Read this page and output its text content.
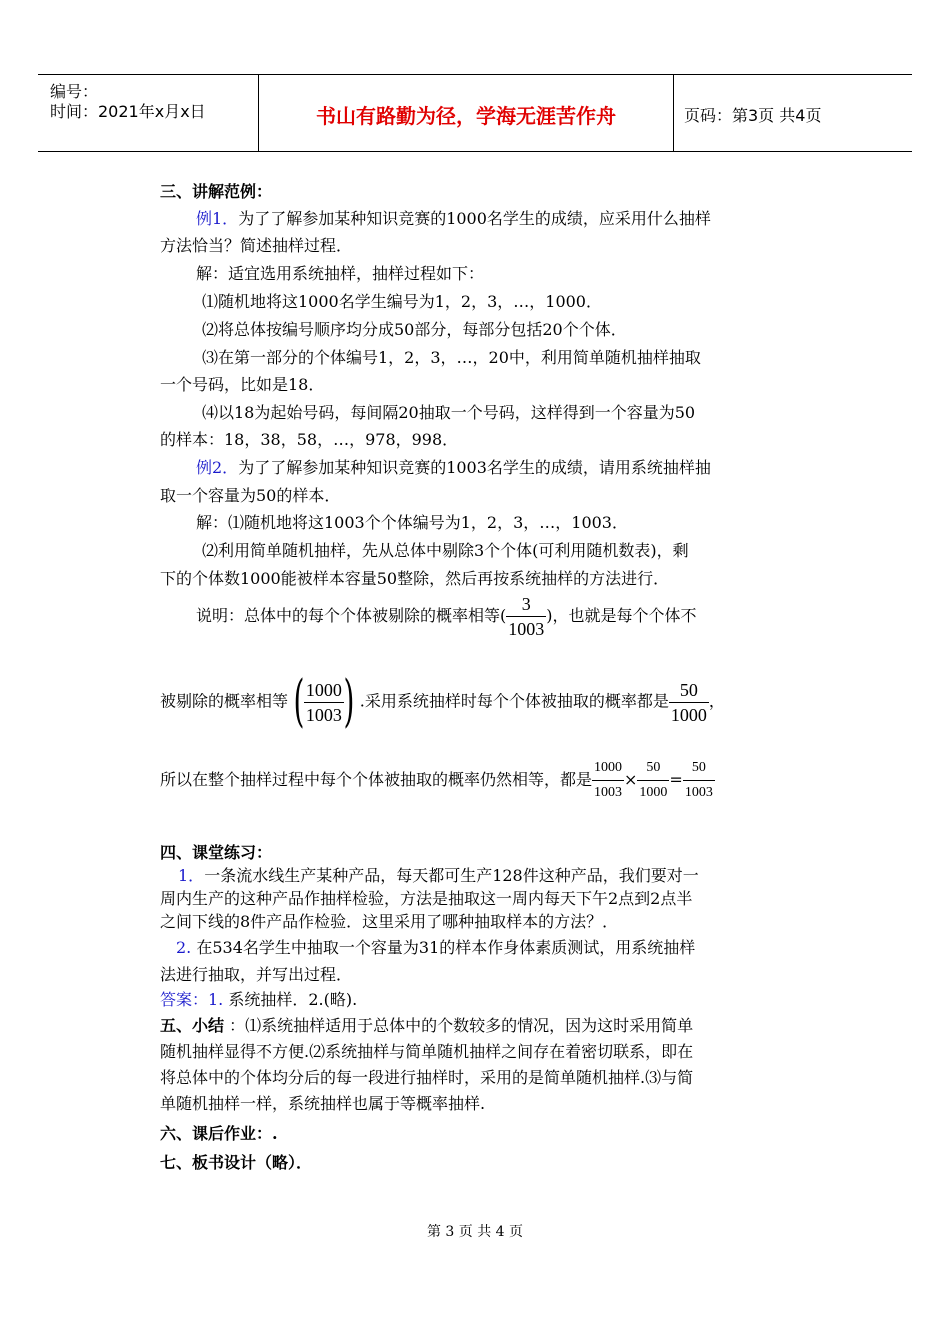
编号：
时间：2021年x月x日	书山有路勤为径，学海无涯苦作舟	页码：第3页 共4页
三、讲解范例：
例1．为了了解参加某种知识竞赛的1000名学生的成绩，应采用什么抽样
方法恰当？简述抽样过程．
解：适宜选用系统抽样，抽样过程如下：
⑴随机地将这1000名学生编号为1，2，3，…，1000．
⑵将总体按编号顺序均分成50部分，每部分包括20个个体．
⑶在第一部分的个体编号1，2，3，…，20中，利用简单随机抽样抽取
一个号码，比如是18．
⑷以18为起始号码，每间隔20抽取一个号码，这样得到一个容量为50
的样本：18，38，58，…，978，998．
例2．为了了解参加某种知识竞赛的1003名学生的成绩，请用系统抽样抽
取一个容量为50的样本．
解：⑴随机地将这1003个个体编号为1，2，3，…，1003．
⑵利用简单随机抽样，先从总体中剔除3个个体(可利用随机数表)，剩
下的个体数1000能被样本容量50整除，然后再按系统抽样的方法进行．
说明：总体中的每个个体被剔除的概率相等( $\frac{3}{1003}$ )，也就是每个个体不
被剔除的概率相等( $\frac{1000}{1003}$ ) .采用系统抽样时每个个体被抽取的概率都是 $\frac{50}{1000}$ ，
所以在整个抽样过程中每个个体被抽取的概率仍然相等，都是 $\frac{1000}{1003} \times \frac{50}{1000} = \frac{50}{1003}$
四、课堂练习：
1．一条流水线生产某种产品，每天都可生产128件这种产品，我们要对一
周内生产的这种产品作抽样检验，方法是抽取这一周内每天下午2点到2点半
之间下线的8件产品作检验．这里采用了哪种抽取样本的方法？．
2. 在534名学生中抽取一个容量为31的样本作身体素质测试，用系统抽样
法进行抽取，并写出过程．
答案：1. 系统抽样．2.(略).
五、小结 ：⑴系统抽样适用于总体中的个数较多的情况，因为这时采用简单
随机抽样显得不方便.⑵系统抽样与简单随机抽样之间存在着密切联系，即在
将总体中的个体均分后的每一段进行抽样时，采用的是简单随机抽样.⑶与简
单随机抽样一样，系统抽样也属于等概率抽样.
六、课后作业：.
七、板书设计（略）．
第 3 页 共 4 页
